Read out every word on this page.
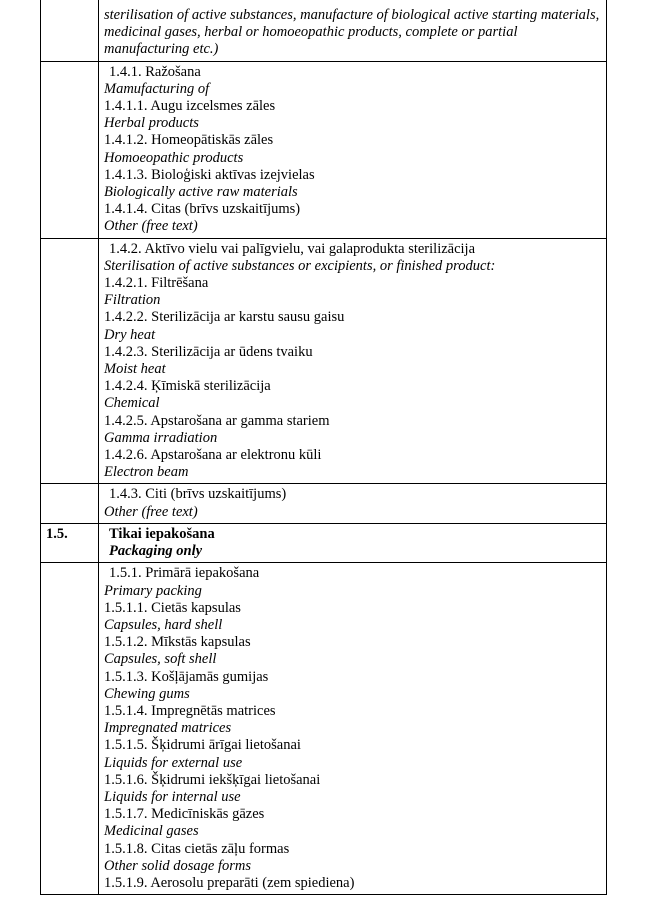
	sterilisation of active substances, manufacture of biological active starting materials, medicinal gases, herbal or homoeopathic products, complete or partial manufacturing etc.)

1.4.1. Ražošana
Mamufacturing of
1.4.1.1. Augu izcelsmes zāles
Herbal products
1.4.1.2. Homeopātiskās zāles
Homoeopathic products
1.4.1.3. Bioloģiski aktīvas izejvielas
Biologically active raw materials
1.4.1.4. Citas (brīvs uzskaitījums)
Other (free text)

1.4.2. Aktīvo vielu vai palīgvielu, vai galaprodukta sterilizācija
Sterilisation of active substances or excipients, or finished product:
1.4.2.1. Filtrēšana
Filtration
1.4.2.2. Sterilizācija ar karstu sausu gaisu
Dry heat
1.4.2.3. Sterilizācija ar ūdens tvaiku
Moist heat
1.4.2.4. Ķīmiskā sterilizācija
Chemical
1.4.2.5. Apstarošana ar gamma stariem
Gamma irradiation
1.4.2.6. Apstarošana ar elektronu kūli
Electron beam

	1.4.3. Citi (brīvs uzskaitījums)
Other (free text)

1.5.	Tikai iepakošana
Packaging only

1.5.1. Primārā iepakošana
Primary packing
1.5.1.1. Cietās kapsulas
Capsules, hard shell
1.5.1.2. Mīkstās kapsulas
Capsules, soft shell
1.5.1.3. Košļājamās gumijas
Chewing gums
1.5.1.4. Impregnētās matrices
Impregnated matrices
1.5.1.5. Šķidrumi ārīgai lietošanai
Liquids for external use
1.5.1.6. Šķidrumi iekšķīgai lietošanai
Liquids for internal use
1.5.1.7. Medicīniskās gāzes
Medicinal gases
1.5.1.8. Citas cietās zāļu formas
Other solid dosage forms
1.5.1.9. Aerosolu preparāti (zem spiediena)
